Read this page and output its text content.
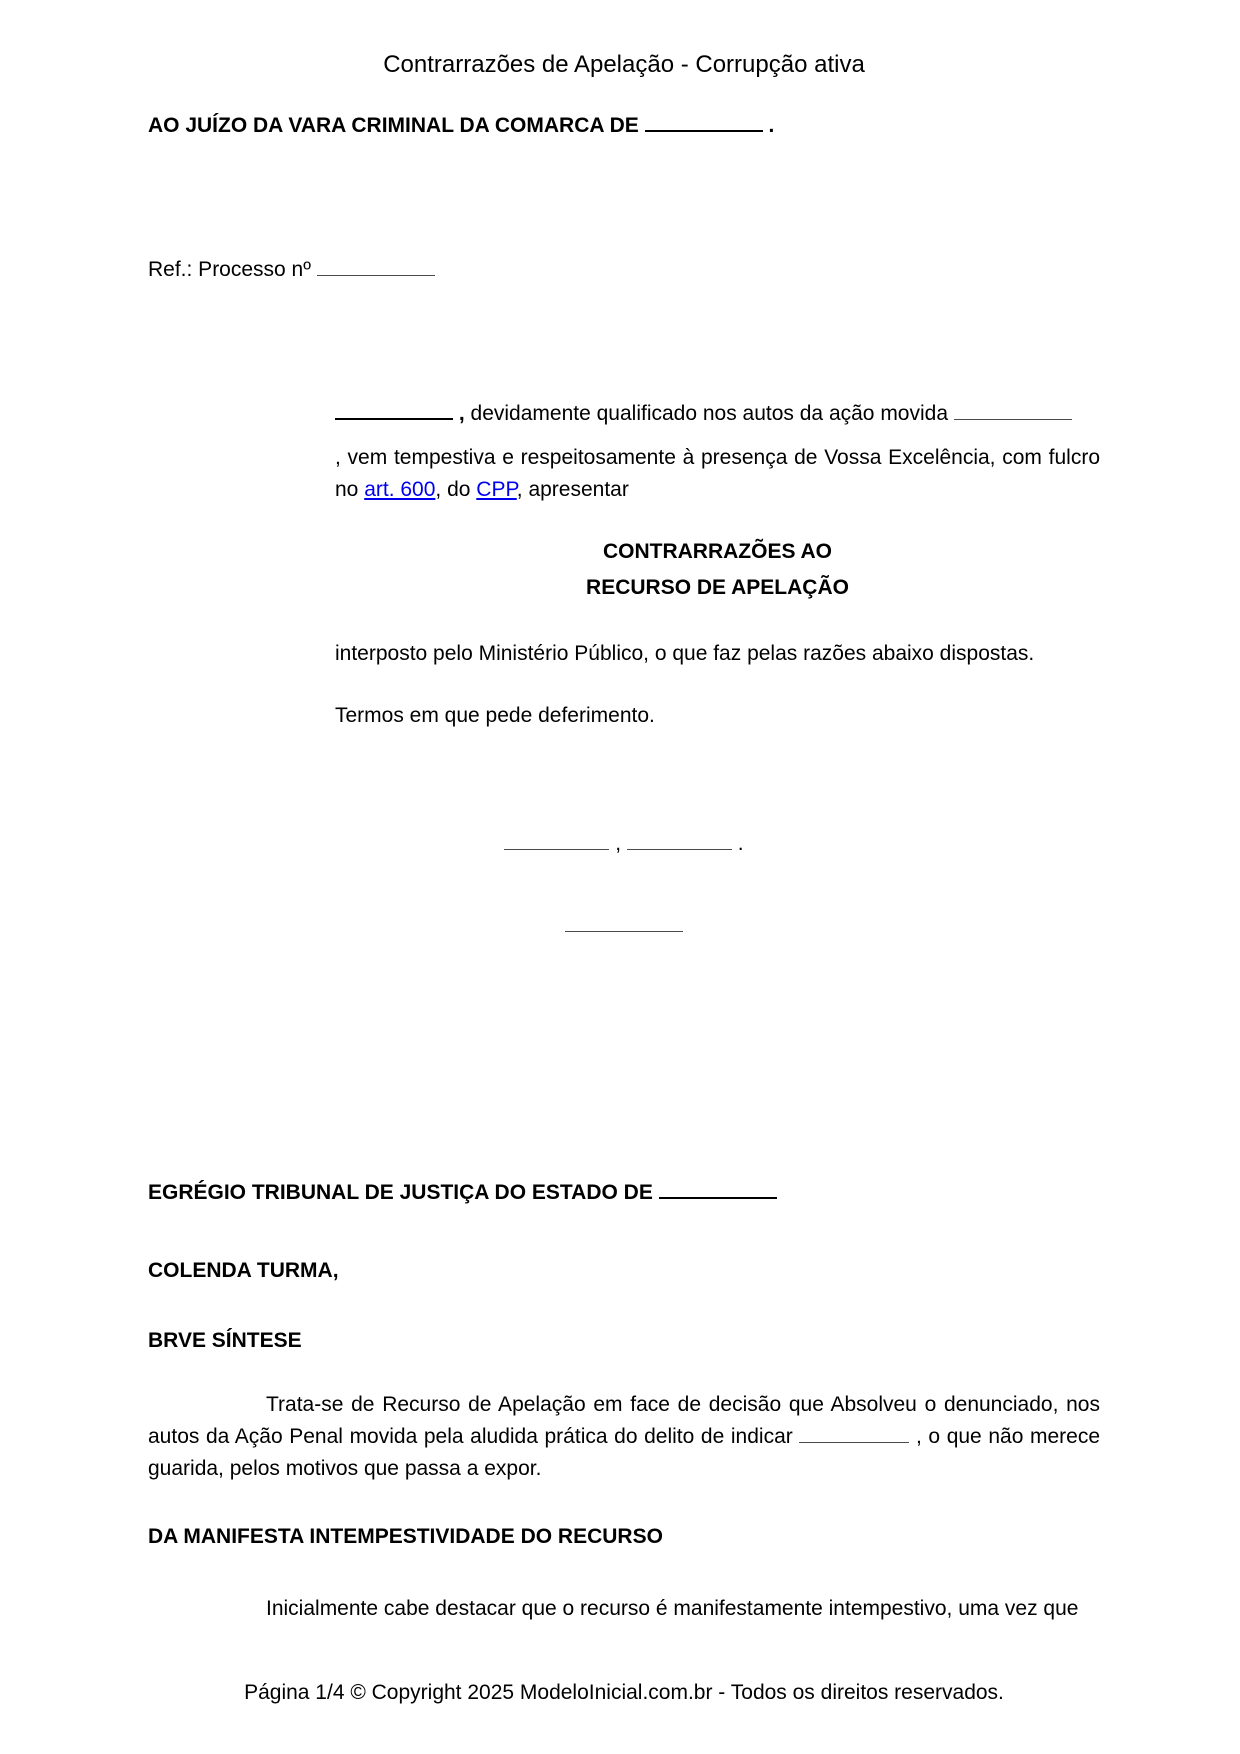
Contrarrazões de Apelação - Corrupção ativa

AO JUÍZO DA VARA CRIMINAL DA COMARCA DE	.

Ref.: Processo nº

, devidamente qualificado nos autos da ação movida

, vem tempestiva e respeitosamente à presença de Vossa Excelência, com fulcro no art. 600, do CPP, apresentar

CONTRARRAZÕES AO
RECURSO DE APELAÇÃO

interposto pelo Ministério Público, o que faz pelas razões abaixo dispostas.

Termos em que pede deferimento.

,	.

EGRÉGIO TRIBUNAL DE JUSTIÇA DO ESTADO DE

COLENDA TURMA,

BRVE SÍNTESE

Trata-se de Recurso de Apelação em face de decisão que Absolveu o denunciado, nos autos da Ação Penal movida pela aludida prática do delito de indicar	, o que não merece guarida, pelos motivos que passa a expor.

DA MANIFESTA INTEMPESTIVIDADE DO RECURSO

Inicialmente cabe destacar que o recurso é manifestamente intempestivo, uma vez que

Página 1/4 © Copyright 2025 ModeloInicial.com.br - Todos os direitos reservados.
